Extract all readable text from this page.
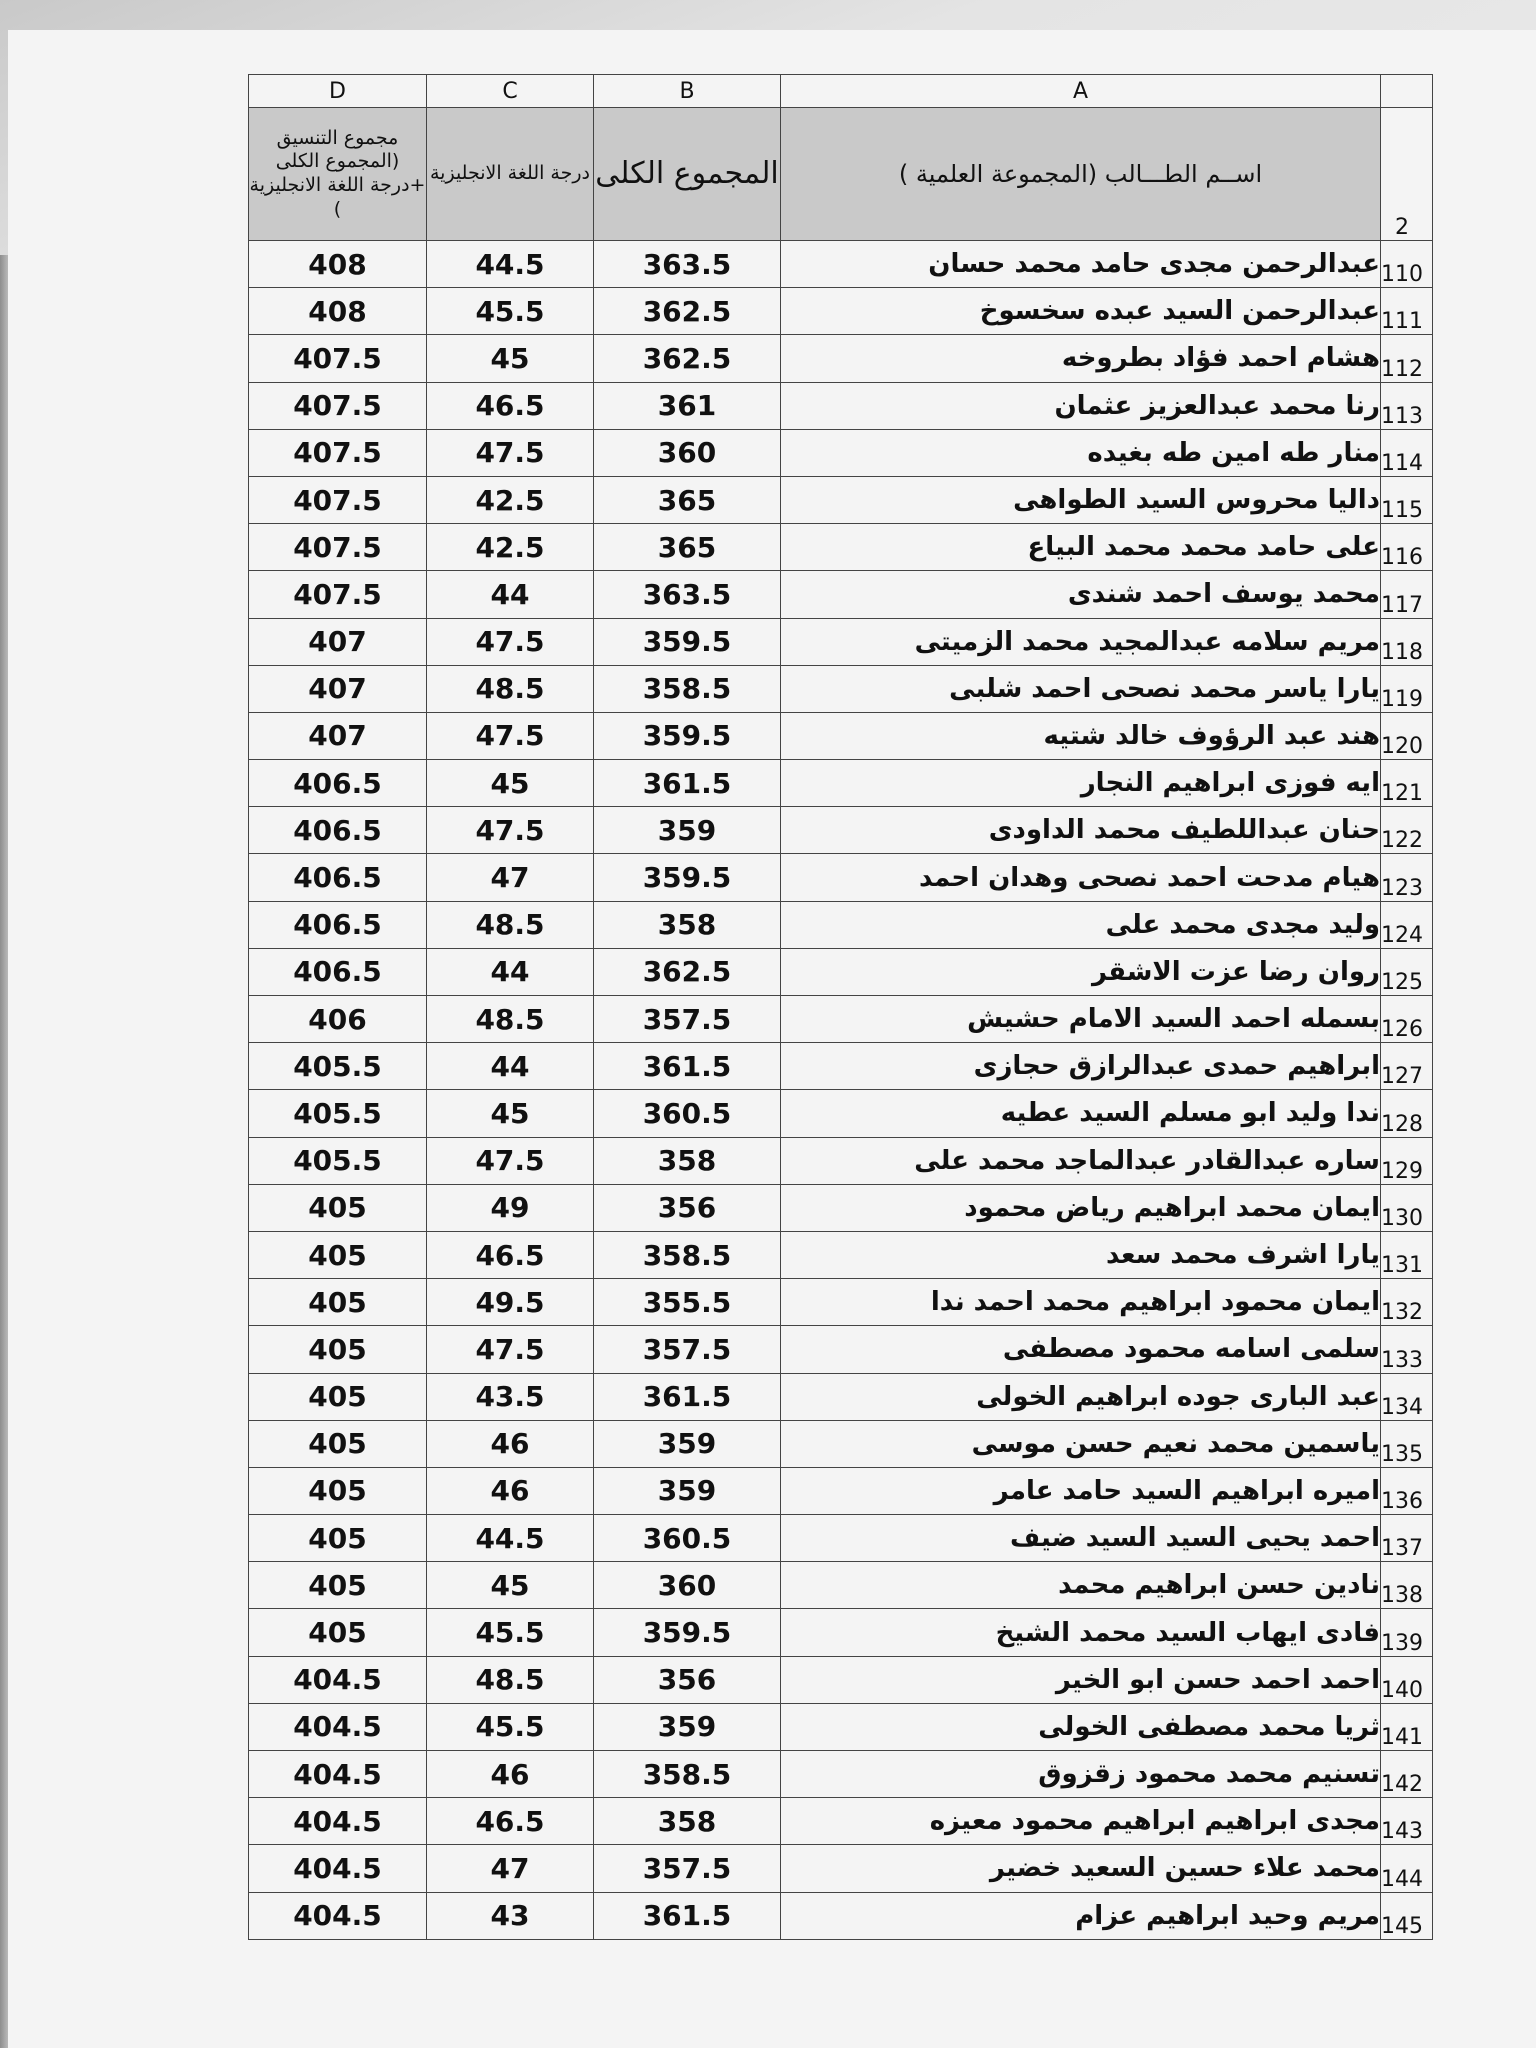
D	C	B	A	
مجموع التنسيق (المجموع الكلى +درجة اللغة الانجليزية )	درجة اللغة الانجليزية	المجموع الكلى	اســم الطـــالب (المجموعة العلمية )	2
408	44.5	363.5	عبدالرحمن مجدى حامد محمد حسان	110
408	45.5	362.5	عبدالرحمن السيد عبده سخسوخ	111
407.5	45	362.5	هشام احمد فؤاد بطروخه	112
407.5	46.5	361	رنا محمد عبدالعزيز عثمان	113
407.5	47.5	360	منار طه امين طه بغيده	114
407.5	42.5	365	داليا محروس السيد الطواهى	115
407.5	42.5	365	على حامد محمد محمد البياع	116
407.5	44	363.5	محمد يوسف احمد شندى	117
407	47.5	359.5	مريم سلامه عبدالمجيد محمد الزميتى	118
407	48.5	358.5	يارا ياسر محمد نصحى احمد شلبى	119
407	47.5	359.5	هند عبد الرؤوف خالد شتيه	120
406.5	45	361.5	ايه فوزى ابراهيم النجار	121
406.5	47.5	359	حنان عبداللطيف محمد الداودى	122
406.5	47	359.5	هيام مدحت احمد نصحى وهدان احمد	123
406.5	48.5	358	وليد مجدى محمد على	124
406.5	44	362.5	روان رضا عزت الاشقر	125
406	48.5	357.5	بسمله احمد السيد الامام حشيش	126
405.5	44	361.5	ابراهيم حمدى عبدالرازق حجازى	127
405.5	45	360.5	ندا وليد ابو مسلم السيد عطيه	128
405.5	47.5	358	ساره عبدالقادر عبدالماجد محمد على	129
405	49	356	ايمان محمد ابراهيم رياض محمود	130
405	46.5	358.5	يارا اشرف محمد سعد	131
405	49.5	355.5	ايمان محمود ابراهيم محمد احمد ندا	132
405	47.5	357.5	سلمى اسامه محمود مصطفى	133
405	43.5	361.5	عبد البارى جوده ابراهيم الخولى	134
405	46	359	ياسمين محمد نعيم حسن موسى	135
405	46	359	اميره ابراهيم السيد حامد عامر	136
405	44.5	360.5	احمد يحيى السيد السيد ضيف	137
405	45	360	نادين حسن ابراهيم محمد	138
405	45.5	359.5	فادى ايهاب السيد محمد الشيخ	139
404.5	48.5	356	احمد احمد حسن ابو الخير	140
404.5	45.5	359	ثريا محمد مصطفى الخولى	141
404.5	46	358.5	تسنيم محمد محمود زقزوق	142
404.5	46.5	358	مجدى ابراهيم ابراهيم محمود معيزه	143
404.5	47	357.5	محمد علاء حسين السعيد خضير	144
404.5	43	361.5	مريم وحيد ابراهيم عزام	145
